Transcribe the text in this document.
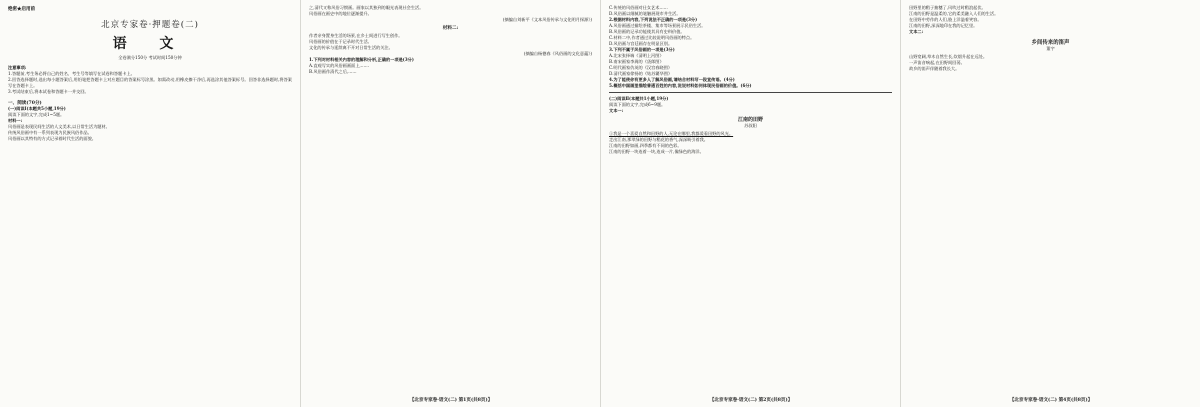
绝密★启用前
北京专家卷·押题卷(二)
语 文
全卷满分150分 考试时间150分钟
注意事项:

1.答题前,考生务必将自己的姓名、考生号等填写在试卷和答题卡上。

2.回答选择题时,选出每小题答案后,用铅笔把答题卡上对应题目的答案标号涂黑。如需改动,用橡皮擦干净后,再选涂其他答案标号。回答非选择题时,将答案写在答题卡上。

3.考试结束后,将本试卷和答题卡一并交回。

一、阅读(70分)
(一)阅读Ⅰ(本题共5小题,19分)
阅读下面的文字,完成1~5题。
材料一:

风俗画是表现民间生活的人文美术,以日常生活为题材。

传统风俗画中有一系列表现为民族风俗作品。

风俗画以其特有的方式记录着时代生活的面貌。

之,清代又称风俗习惯画。画家以其独到的眼光表现社会生活。

风俗画在画史中的地位逐渐提升。

(摘编自刘新平《文本风俗传承与文化明月探源》)
材料二:

作者亲身置身生活的场景,在乡土间进行写生创作。

风俗画的价值在于记录时代生活。

文化的传承与延续离不开对日常生活的关注。

(摘编自杨德春《风俗画的文化意蕴》)
1.下列对材料相关内容的理解和分析,正确的一项是(3分)

A.直观写实的风俗画画面上,……

B.风俗画作清代之后,……

【北京专家卷·语文(二) 第1页(共8页)】

C.传统的风俗画对仕女艺术……

D.风俗画以细腻的笔触展现市井生活。

2.根据材料内容,下列说法不正确的一项是(3分)

A.风俗画通过描绘茶楼、集市等场景展示民俗生活。

B.风俗画的记录功能使其具有史料价值。

C.材料二中,作者通过比较说明风俗画的特点。

D.风俗画与宫廷画存在明显区别。

3.下列不属于风俗画的一项是(3分)
A.北宋张择端《清明上河图》
B.南宋画家李嵩的《货郎图》
C.明代画家仇英的《汉宫春晓图》
D.清代画家徐扬的《姑苏繁华图》
4.为了能使你有更多人了解风俗画,请结合材料写一段宣传语。(4分)
5.概括中国画里描绘普通百姓的内容,说说材料如何体现民俗画的价值。(6分)
(二)阅读Ⅱ(本题共1小题,19分)
阅读下面的文字,完成6~9题。
文本一:
江南的田野
苏叔阳

①我是一个喜爱自然和田野的人,无论在哪里,我都爱看田野的风光。

走出江南,那翠绿的田野与稻花的香气,深深吸引着我。

江南的田野如画,四季都有不同的色彩。

江南的田野一块连着一块,连成一片,像绿色的海洋。

【北京专家卷·语文(二) 第2页(共8页)】

田野里的稻子抽穗了,风吹过时稻浪起伏。

江南的田野是温柔的,它的柔美融入人们的生活。

在田野中劳作的人们,脸上洋溢着笑容。

江南的田野,深深地印在我的记忆里。

文本二:
乡间传来的笛声
董宇

山野宽阔,草木自然生长,炊烟升起在远处。

一声笛音响起,在田野间回荡。

故乡的笛声伴随着我长大。

【北京专家卷·语文(二) 第4页(共8页)】
